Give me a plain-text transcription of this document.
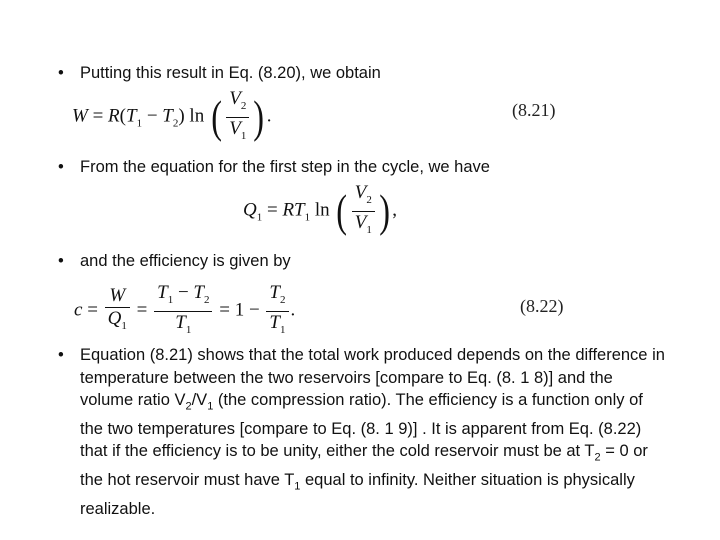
• Putting this result in Eq. (8.20), we obtain
$W = R(T_1 - T_2)$ ln ( $\frac{V_2}{V_1}$ ) .	(8.21)
• From the equation for the first step in the cycle, we have
$Q_1 = RT_1$ ln ( $\frac{V_2}{V_1}$ ) ,
• and the efficiency is given by
$c = \frac{W}{Q_1} = \frac{T_1 - T_2}{T_1} = 1 - \frac{T_2}{T_1}$ .	(8.22)
• Equation (8.21) shows that the total work produced depends on the difference in temperature between the two reservoirs [compare to Eq. (8. 1 8)] and the volume ratio $V_2/V_1$ (the compression ratio). The efficiency is a function only of the two temperatures [compare to Eq. (8. 1 9)] . It is apparent from Eq. (8.22) that if the efficiency is to be unity, either the cold reservoir must be at $T_2 = 0$ or the hot reservoir must have $T_1$ equal to infinity. Neither situation is physically realizable.
